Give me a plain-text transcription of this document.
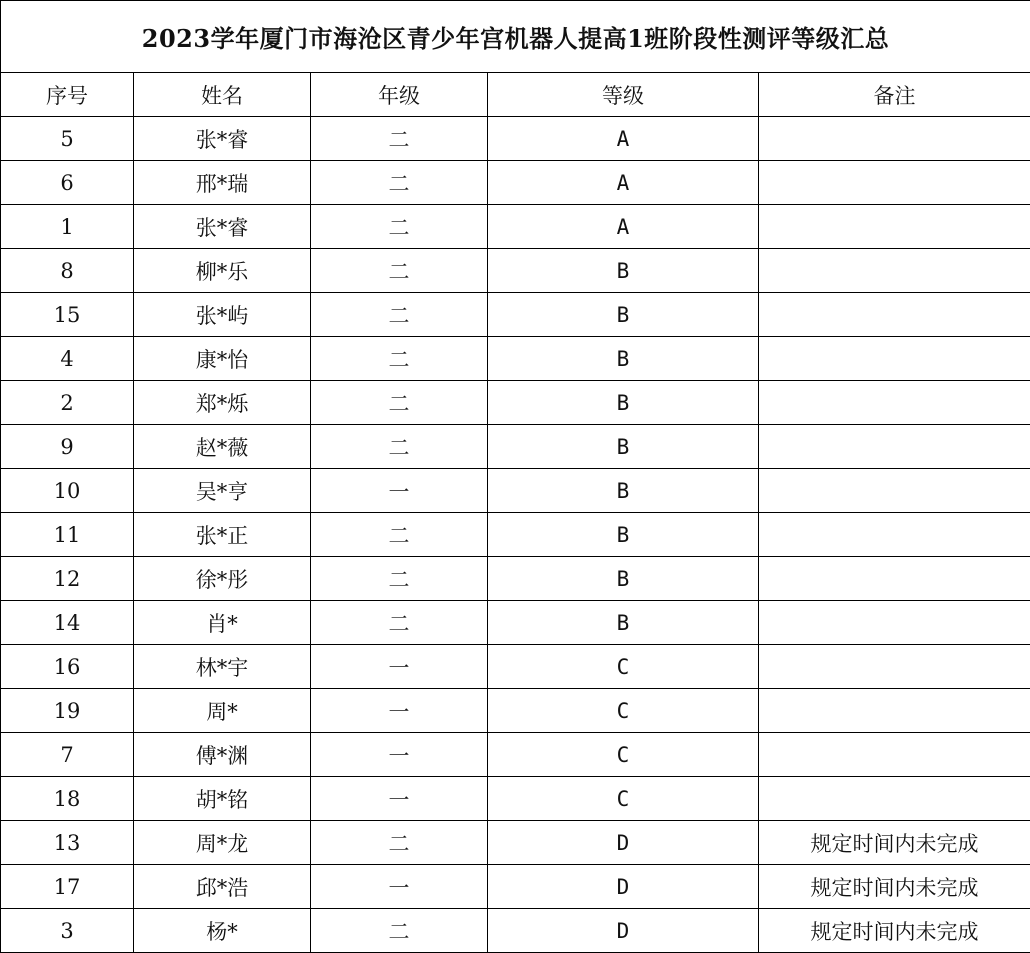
2023学年厦门市海沧区青少年宫机器人提高1班阶段性测评等级汇总				
序号	姓名	年级	等级	备注
5	张*睿	二	A	
6	邢*瑞	二	A	
1	张*睿	二	A	
8	柳*乐	二	B	
15	张*屿	二	B	
4	康*怡	二	B	
2	郑*烁	二	B	
9	赵*薇	二	B	
10	吴*亨	一	B	
11	张*正	二	B	
12	徐*彤	二	B	
14	肖*	二	B	
16	林*宇	一	C	
19	周*	一	C	
7	傅*渊	一	C	
18	胡*铭	一	C	
13	周*龙	二	D	规定时间内未完成
17	邱*浩	一	D	规定时间内未完成
3	杨*	二	D	规定时间内未完成
